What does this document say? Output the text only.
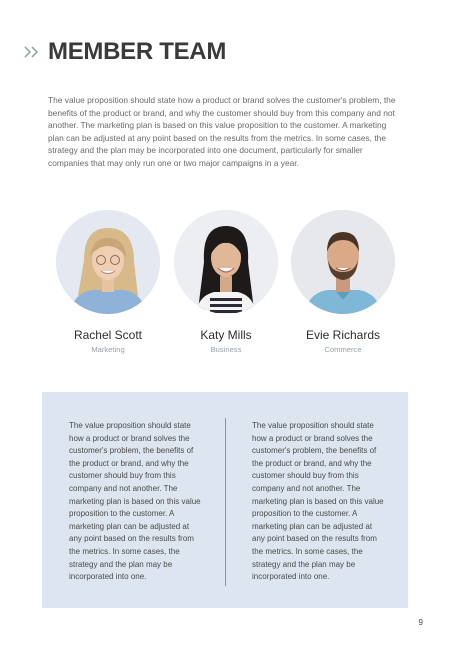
MEMBER TEAM

The value proposition should state how a product or brand solves the customer's problem, the benefits of the product or brand, and why the customer should buy from this company and not another. The marketing plan is based on this value proposition to the customer. A marketing plan can be adjusted at any point based on the results from the metrics. In some cases, the strategy and the plan may be incorporated into one document, particularly for smaller companies that may only run one or two major campaigns in a year.

Rachel Scott
Marketing
Katy Mills
Business
Evie Richards
Commerce

The value proposition should state how a product or brand solves the customer's problem, the benefits of the product or brand, and why the customer should buy from this company and not another. The marketing plan is based on this value proposition to the customer. A marketing plan can be adjusted at any point based on the results from the metrics. In some cases, the strategy and the plan may be incorporated into one.

The value proposition should state how a product or brand solves the customer's problem, the benefits of the product or brand, and why the customer should buy from this company and not another. The marketing plan is based on this value proposition to the customer. A marketing plan can be adjusted at any point based on the results from the metrics. In some cases, the strategy and the plan may be incorporated into one.

9
